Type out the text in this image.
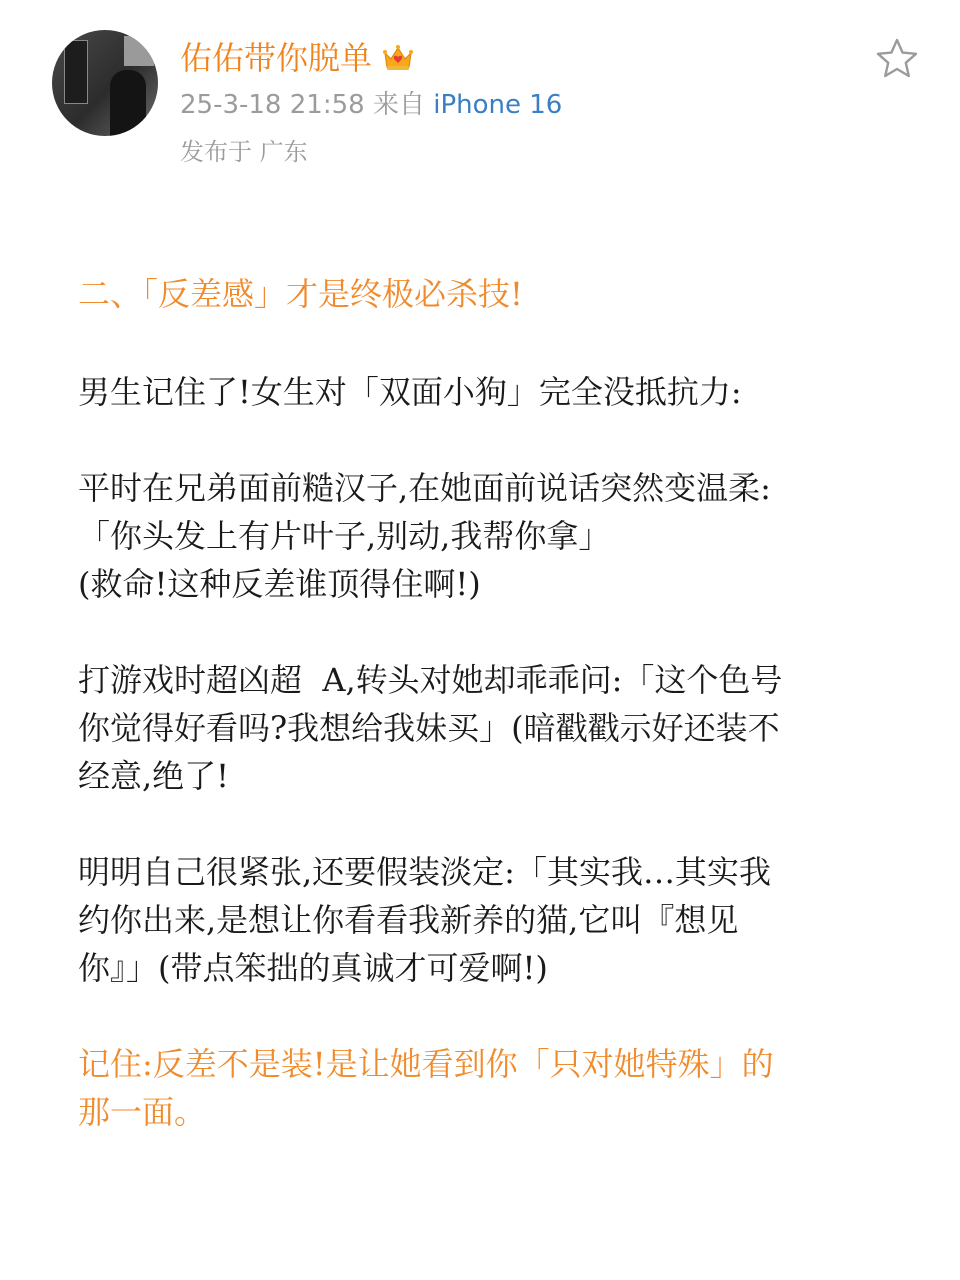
佑佑带你脱单
25-3-18 21:58 来自 iPhone 16
发布于 广东

二、「反差感」才是终极必杀技!

男生记住了!女生对「双面小狗」完全没抵抗力:

平时在兄弟面前糙汉子,在她面前说话突然变温柔:

「你头发上有片叶子,别动,我帮你拿」

(救命!这种反差谁顶得住啊!)

打游戏时超凶超  A,转头对她却乖乖问:「这个色号

你觉得好看吗?我想给我妹买」(暗戳戳示好还装不

经意,绝了!

明明自己很紧张,还要假装淡定:「其实我…其实我

约你出来,是想让你看看我新养的猫,它叫『想见

你』」(带点笨拙的真诚才可爱啊!)

记住:反差不是装!是让她看到你「只对她特殊」的

那一面。
